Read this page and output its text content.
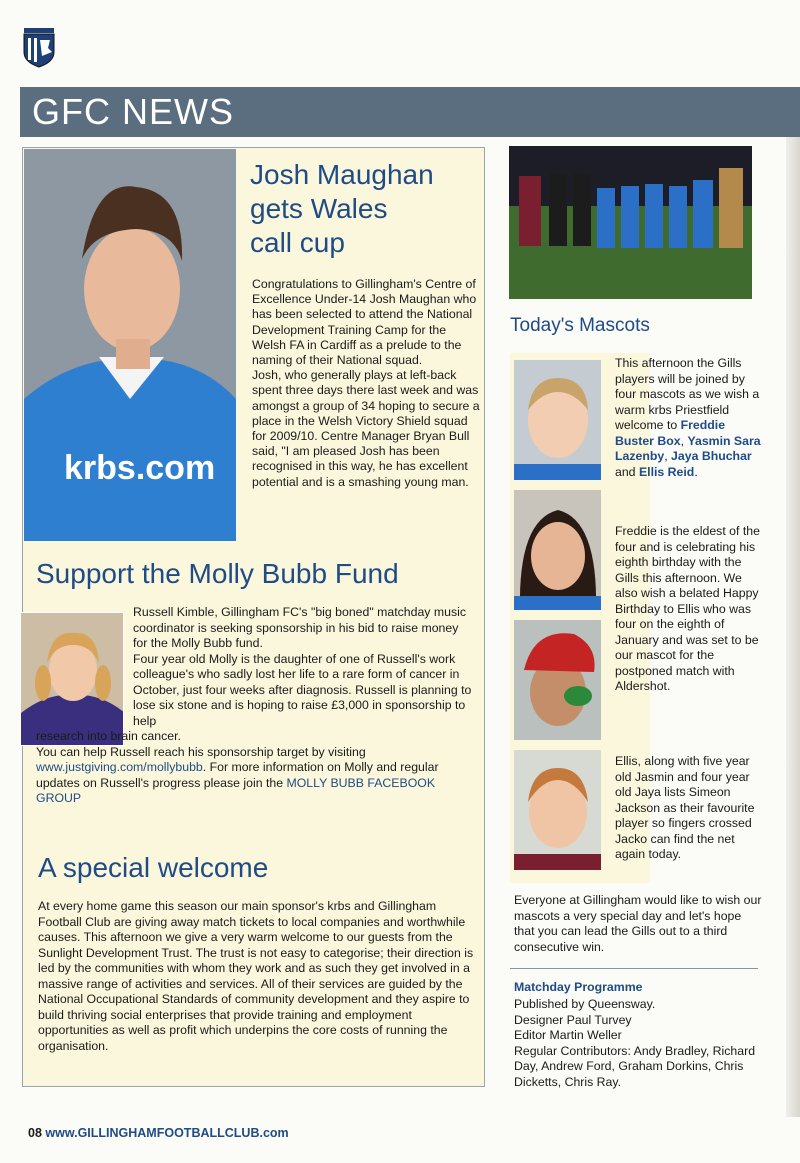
GFC NEWS
krbs.com
Josh Maughan
gets Wales
call cup

Congratulations to Gillingham's Centre of Excellence Under-14 Josh Maughan who has been selected to attend the National Development Training Camp for the Welsh FA in Cardiff as a prelude to the naming of their National squad.

Josh, who generally plays at left-back spent three days there last week and was amongst a group of 34 hoping to secure a place in the Welsh Victory Shield squad for 2009/10. Centre Manager Bryan Bull said, "I am pleased Josh has been recognised in this way, he has excellent potential and is a smashing young man.

Support the Molly Bubb Fund
Russell Kimble, Gillingham FC's "big boned" matchday music coordinator is seeking sponsorship in his bid to raise money for the Molly Bubb fund.
Four year old Molly is the daughter of one of Russell's work colleague's who sadly lost her life to a rare form of cancer in October, just four weeks after diagnosis. Russell is planning to lose six stone and is hoping to raise £3,000 in sponsorship to help
research into brain cancer.
You can help Russell reach his sponsorship target by visiting www.justgiving.com/mollybubb. For more information on Molly and regular updates on Russell's progress please join the MOLLY BUBB FACEBOOK GROUP
A special welcome

At every home game this season our main sponsor's krbs and Gillingham Football Club are giving away match tickets to local companies and worthwhile causes. This afternoon we give a very warm welcome to our guests from the Sunlight Development Trust. The trust is not easy to categorise; their direction is led by the communities with whom they work and as such they get involved in a massive range of activities and services. All of their services are guided by the National Occupational Standards of community development and they aspire to build thriving social enterprises that provide training and employment opportunities as well as profit which underpins the core costs of running the organisation.

Today's Mascots
This afternoon the Gills players will be joined by four mascots as we wish a warm krbs Priestfield welcome to Freddie Buster Box, Yasmin Sara Lazenby, Jaya Bhuchar and Ellis Reid.

Freddie is the eldest of the four and is celebrating his eighth birthday with the Gills this afternoon. We also wish a belated Happy Birthday to Ellis who was four on the eighth of January and was set to be our mascot for the postponed match with Aldershot.

Ellis, along with five year old Jasmin and four year old Jaya lists Simeon Jackson as their favourite player so fingers crossed Jacko can find the net again today.

Everyone at Gillingham would like to wish our mascots a very special day and let's hope that you can lead the Gills out to a third consecutive win.

Matchday Programme
Published by Queensway.
Designer Paul Turvey
Editor Martin Weller
Regular Contributors: Andy Bradley, Richard Day, Andrew Ford, Graham Dorkins, Chris Dicketts, Chris Ray.
08 www.GILLINGHAMFOOTBALLCLUB.com
